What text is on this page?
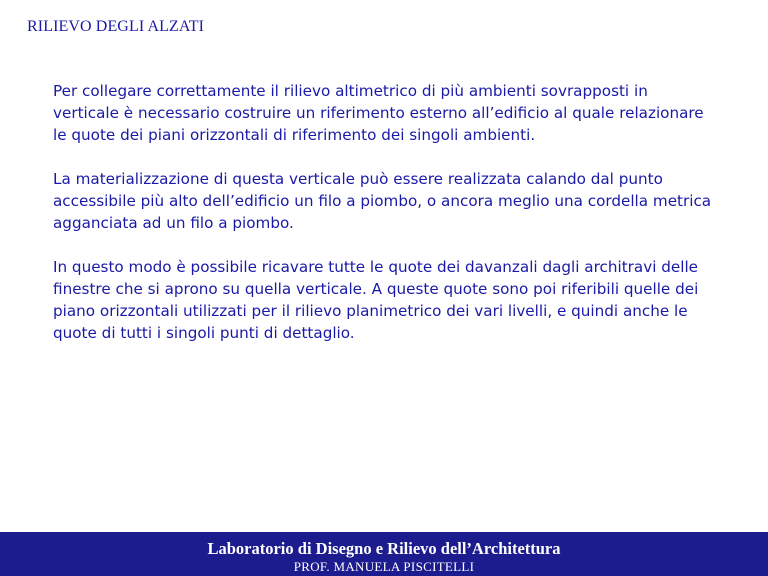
RILIEVO DEGLI ALZATI

Per collegare correttamente il rilievo altimetrico di più ambienti sovrapposti in verticale è necessario costruire un riferimento esterno all’edificio al quale relazionare le quote dei piani orizzontali di riferimento dei singoli ambienti.

La materializzazione di questa verticale può essere realizzata calando dal punto accessibile più alto dell’edificio un filo a piombo, o ancora meglio una cordella metrica agganciata ad un filo a piombo.

In questo modo è possibile ricavare tutte le quote dei davanzali dagli architravi delle finestre che si aprono su quella verticale. A queste quote sono poi riferibili quelle dei piano orizzontali utilizzati per il rilievo planimetrico dei vari livelli, e quindi anche le quote di tutti i singoli punti di dettaglio.

Laboratorio di Disegno e Rilievo dell’Architettura
PROF. MANUELA PISCITELLI
